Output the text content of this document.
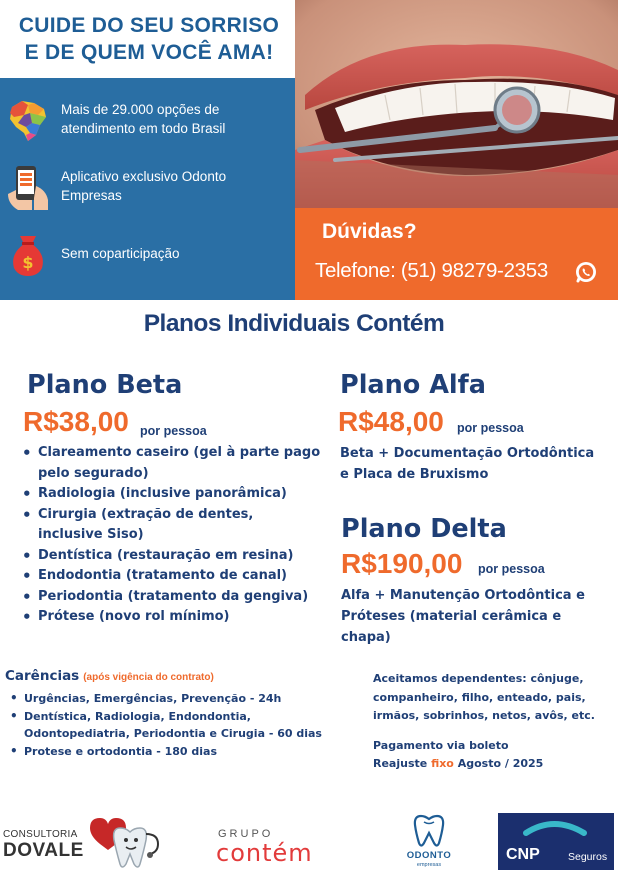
CUIDE DO SEU SORRISO
E DE QUEM VOCÊ AMA!
Mais de 29.000 opções de atendimento em todo Brasil
Aplicativo exclusivo Odonto Empresas
$ Sem coparticipação
Dúvidas?
Telefone: (51) 98279-2353
Planos Individuais Contém
Plano Beta
R$38,00 por pessoa
• Clareamento caseiro (gel à parte pago pelo segurado)
• Radiologia (inclusive panorâmica)
• Cirurgia (extração de dentes, inclusive Siso)
• Dentística (restauração em resina)
• Endodontia (tratamento de canal)
• Periodontia (tratamento da gengiva)
• Prótese (novo rol mínimo)
Plano Alfa
R$48,00 por pessoa
Beta + Documentação Ortodôntica
e Placa de Bruxismo
Plano Delta
R$190,00 por pessoa
Alfa + Manutenção Ortodôntica e
Próteses (material cerâmica e
chapa)
Carências (após vigência do contrato)
• Urgências, Emergências, Prevenção - 24h
• Dentística, Radiologia, Endondontia, Odontopediatria, Periodontia e Cirugia - 60 dias
• Protese e ortodontia - 180 dias
Aceitamos dependentes: cônjuge,
companheiro, filho, enteado, pais,
irmãos, sobrinhos, netos, avôs, etc.
Pagamento via boleto
Reajuste fixo Agosto / 2025
CONSULTORIA
DOVALE
GRUPO
contém	ODONTO
empresas
CNP	Seguros
